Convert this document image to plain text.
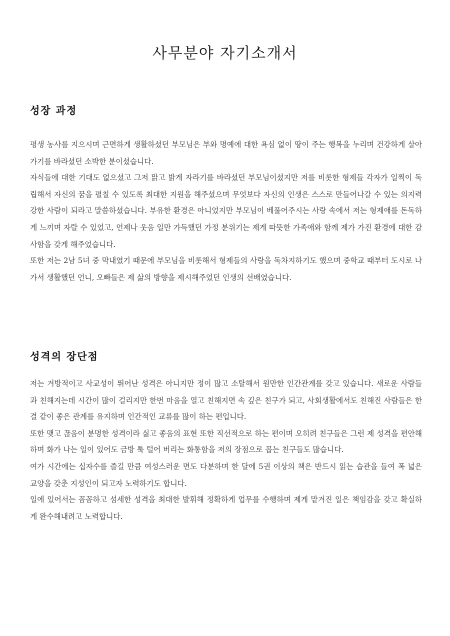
사무분야 자기소개서
성장 과정

평생 농사를 지으시며 근면하게 생활하셨던 부모님은 부와 명예에 대한 욕심 없이 땅이 주는 행복을 누리며 건강하게 살아가기를 바라셨던 소박한 분이셨습니다.

자식들에 대한 기대도 없으셨고 그저 맑고 밝게 자라기를 바라셨던 부모님이셨지만 저를 비롯한 형제들 각자가 일찍이 독립해서 자신의 꿈을 펼칠 수 있도록 최대한 지원을 해주셨으며 무엇보다 자신의 인생은 스스로 만들어나갈 수 있는 의지력 강한 사람이 되라고 말씀하셨습니다. 부유한 환경은 아니었지만 부모님이 베풀어주시는 사랑 속에서 저는 형제애를 돈독하게 느끼며 자랄 수 있었고, 언제나 웃음 일만 가득했던 가정 분위기는 제게 따뜻한 가족애와 함께 제가 가진 환경에 대한 감사함을 갖게 해주었습니다.

또한 저는 2남 5녀 중 막내였기 때문에 부모님을 비롯해서 형제들의 사랑을 독차지하기도 했으며 중학교 때부터 도시로 나가서 생활했던 언니, 오빠들은 제 삶의 방향을 제시해주었던 인생의 선배였습니다.

성격의 장단점

저는 겨방적이고 사교성이 뛰어난 성격은 아니지만 정이 많고 소탈해서 원만한 인간관계를 갖고 있습니다. 새로운 사람들과 친해지는데 시간이 많이 걸리지만 한번 마음을 열고 친해지면 속 깊은 친구가 되고, 사회생활에서도 친해진 사람들은 한결 같이 좋은 관계를 유지하며 인간적인 교류를 많이 하는 편입니다.

또한 맺고 끊음이 분명한 성격이라 싫고 좋음의 표현 또한 직선적으로 하는 편이며 오히려 친구들은 그런 제 성격을 편안해하며 화가 나는 일이 있어도 금방 툭 털어 버리는 화통함을 저의 장점으로 꼽는 친구들도 많습니다.

여가 시간에는 십자수를 즐길 만큼 여성스러운 면도 다분하며 한 달에 5권 이상의 책은 반드시 읽는 습관을 들여 폭 넓은 교양을 갖춘 지성인이 되고자 노력하기도 합니다.

일에 있어서는 꼼꼼하고 섬세한 성격을 최대한 발휘해 정확하게 업무를 수행하며 제게 맡겨진 일은 책임감을 갖고 확실하게 완수해내려고 노력합니다.
